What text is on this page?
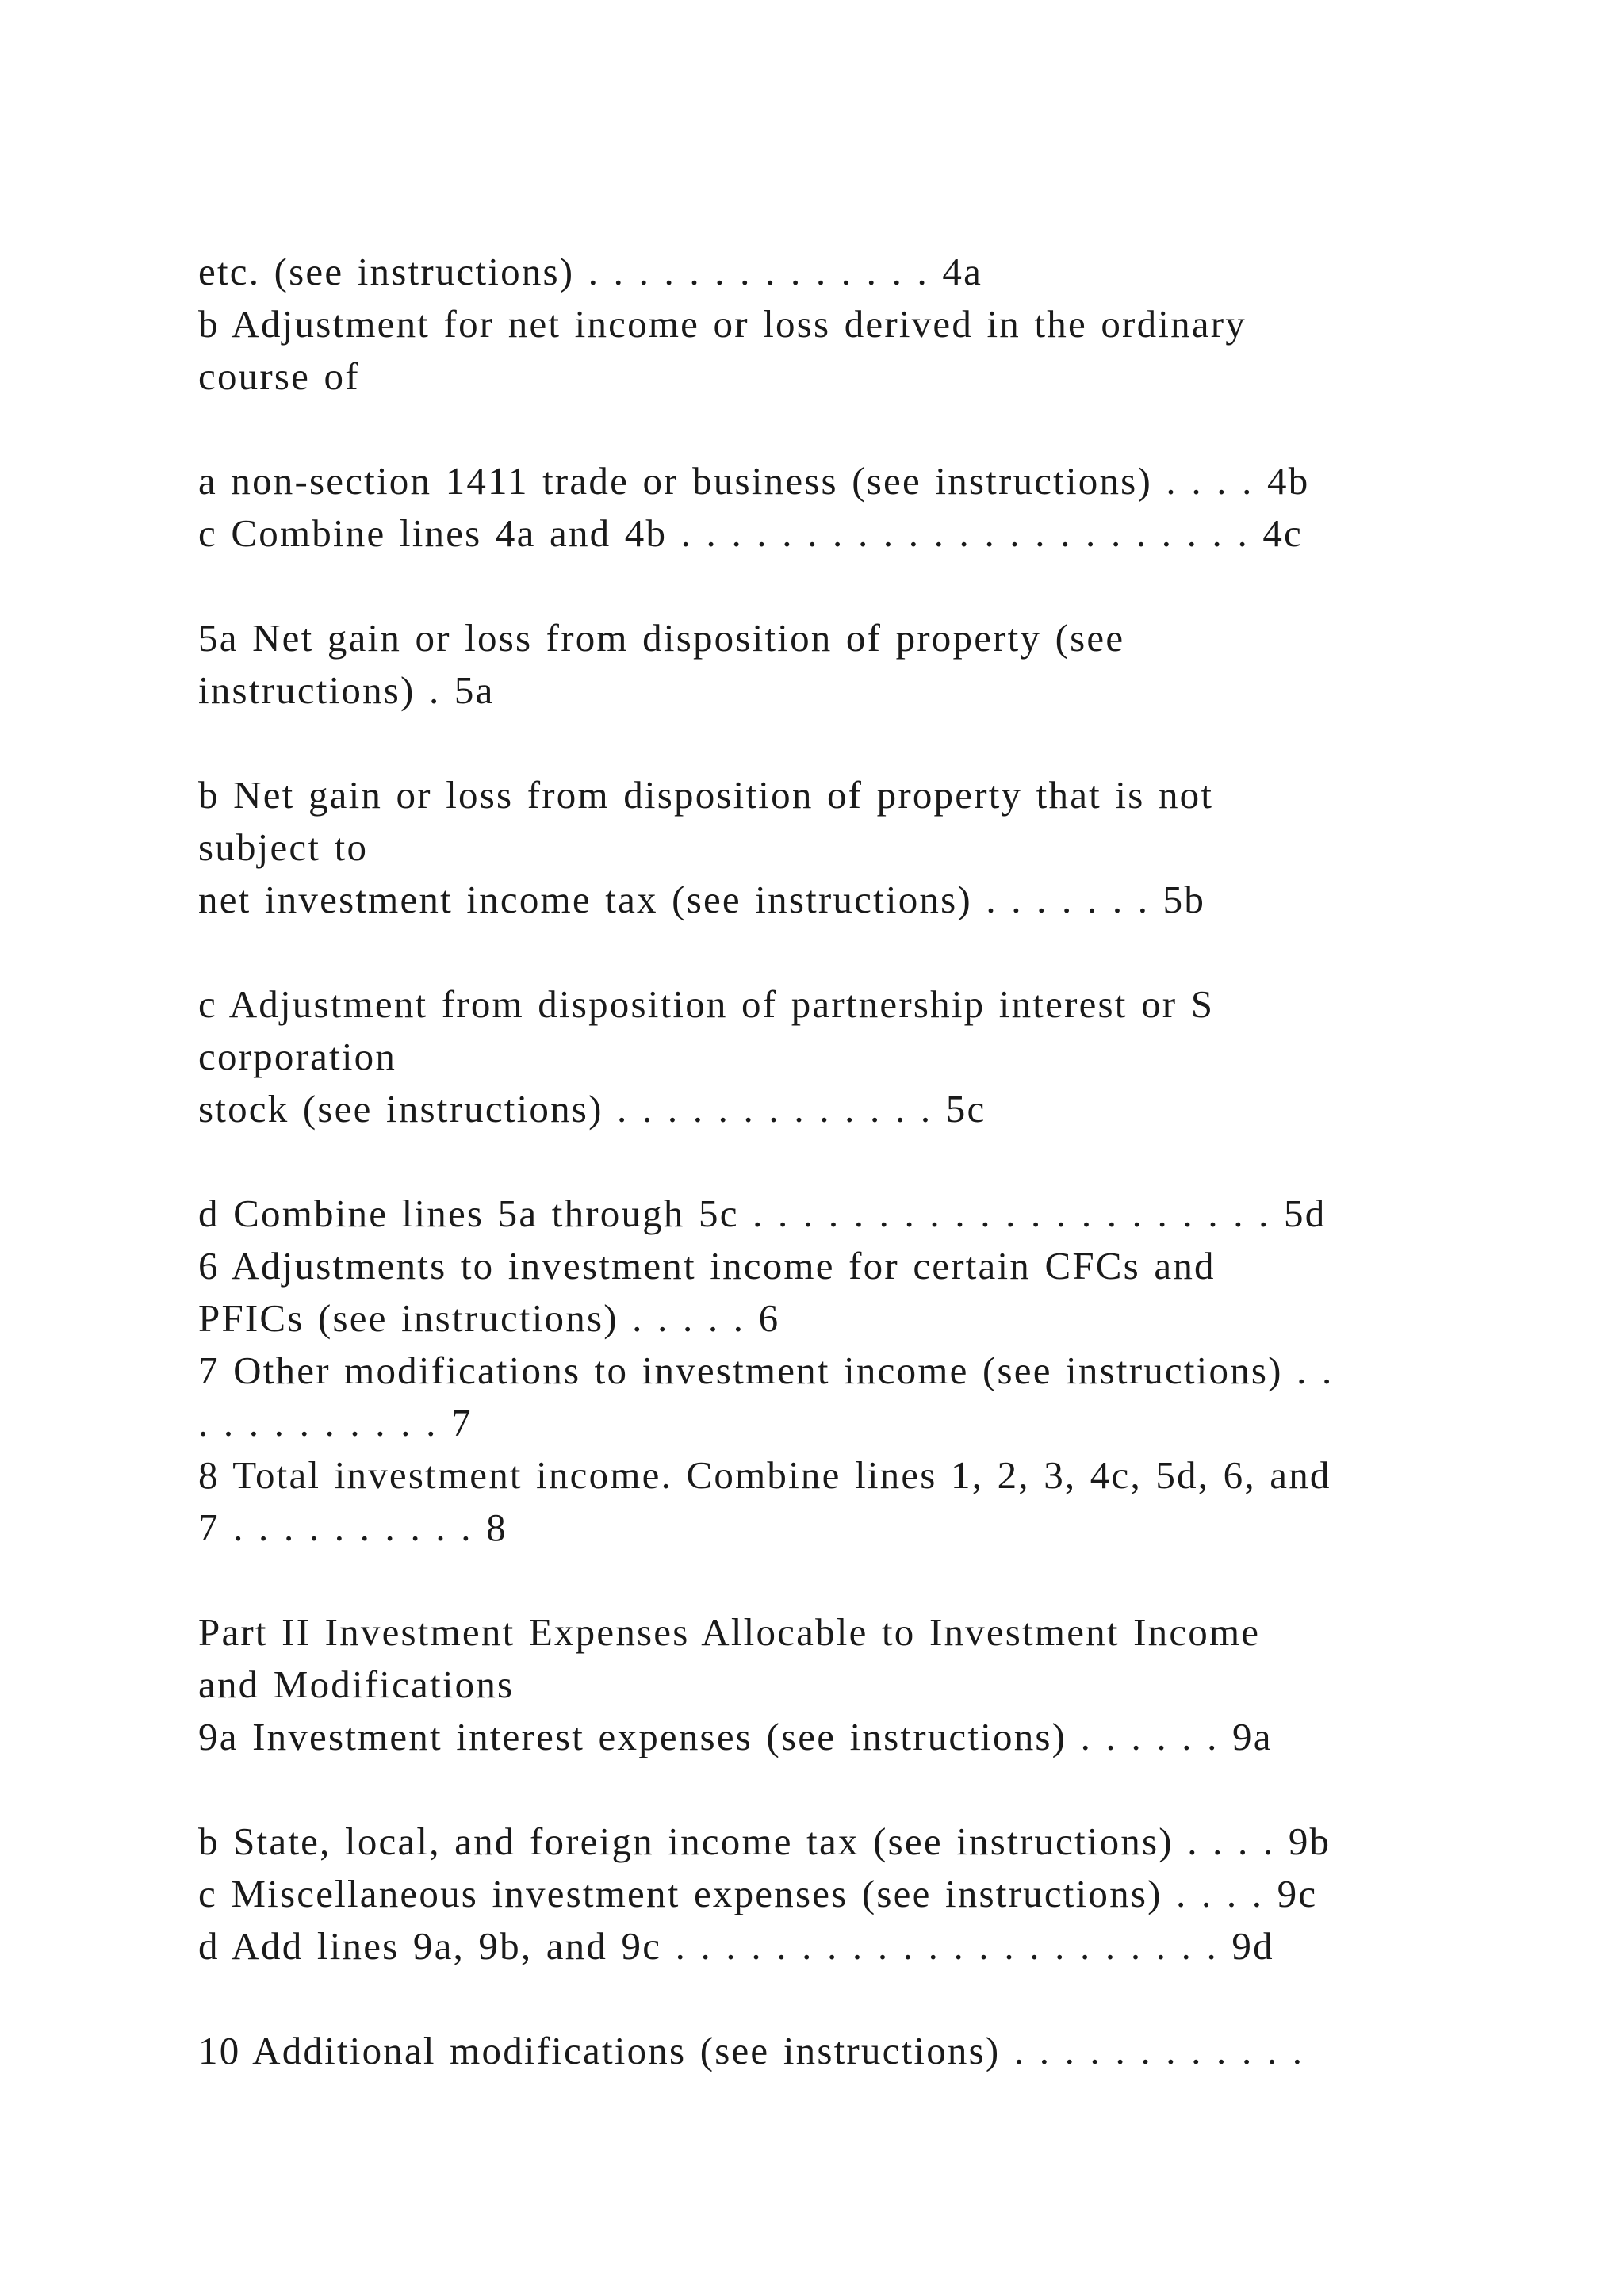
etc. (see instructions) . . . . . . . . . . . . . . 4a
b Adjustment for net income or loss derived in the ordinary
course of
a non-section 1411 trade or business (see instructions) . . . . 4b
c Combine lines 4a and 4b . . . . . . . . . . . . . . . . . . . . . . . 4c
5a Net gain or loss from disposition of property (see
instructions) . 5a
b Net gain or loss from disposition of property that is not
subject to
net investment income tax (see instructions) . . . . . . . 5b
c Adjustment from disposition of partnership interest or S
corporation
stock (see instructions) . . . . . . . . . . . . . 5c
d Combine lines 5a through 5c . . . . . . . . . . . . . . . . . . . . . 5d
6 Adjustments to investment income for certain CFCs and
PFICs (see instructions) . . . . . 6
7 Other modifications to investment income (see instructions) . .
. . . . . . . . . . 7
8 Total investment income. Combine lines 1, 2, 3, 4c, 5d, 6, and
7 . . . . . . . . . . 8
Part II Investment Expenses Allocable to Investment Income
and Modifications
9a Investment interest expenses (see instructions) . . . . . . 9a
b State, local, and foreign income tax (see instructions) . . . . 9b
c Miscellaneous investment expenses (see instructions) . . . . 9c
d Add lines 9a, 9b, and 9c . . . . . . . . . . . . . . . . . . . . . . 9d
10 Additional modifications (see instructions) . . . . . . . . . . . .
